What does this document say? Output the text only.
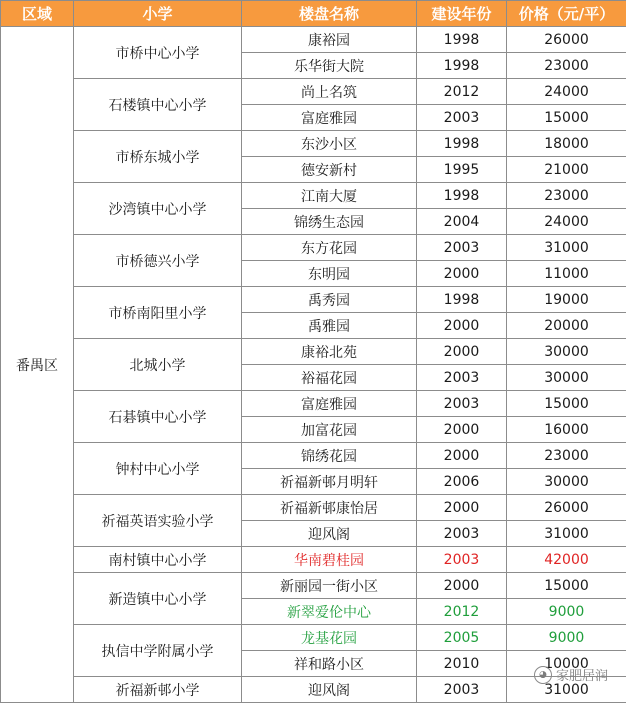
区域	小学	楼盘名称	建设年份	价格（元/平）
番禺区	市桥中心小学	康裕园	1998	26000
		乐华街大院	1998	23000
	石楼镇中心小学	尚上名筑	2012	24000
		富庭雅园	2003	15000
	市桥东城小学	东沙小区	1998	18000
		德安新村	1995	21000
	沙湾镇中心小学	江南大厦	1998	23000
		锦绣生态园	2004	24000
	市桥德兴小学	东方花园	2003	31000
		东明园	2000	11000
	市桥南阳里小学	禹秀园	1998	19000
		禹雅园	2000	20000
	北城小学	康裕北苑	2000	30000
		裕福花园	2003	30000
	石碁镇中心小学	富庭雅园	2003	15000
		加富花园	2000	16000
	钟村中心小学	锦绣花园	2000	23000
		祈福新邨月明轩	2006	30000
	祈福英语实验小学	祈福新邨康怡居	2000	26000
		迎风阁	2003	31000
	南村镇中心小学	华南碧桂园	2003	42000
	新造镇中心小学	新丽园一街小区	2000	15000
		新翠爱伦中心	2012	9000
	执信中学附属小学	龙基花园	2005	9000
		祥和路小区	2010	10000
	祈福新邨小学	迎风阁	2003	31000
◕ 家肥居润
